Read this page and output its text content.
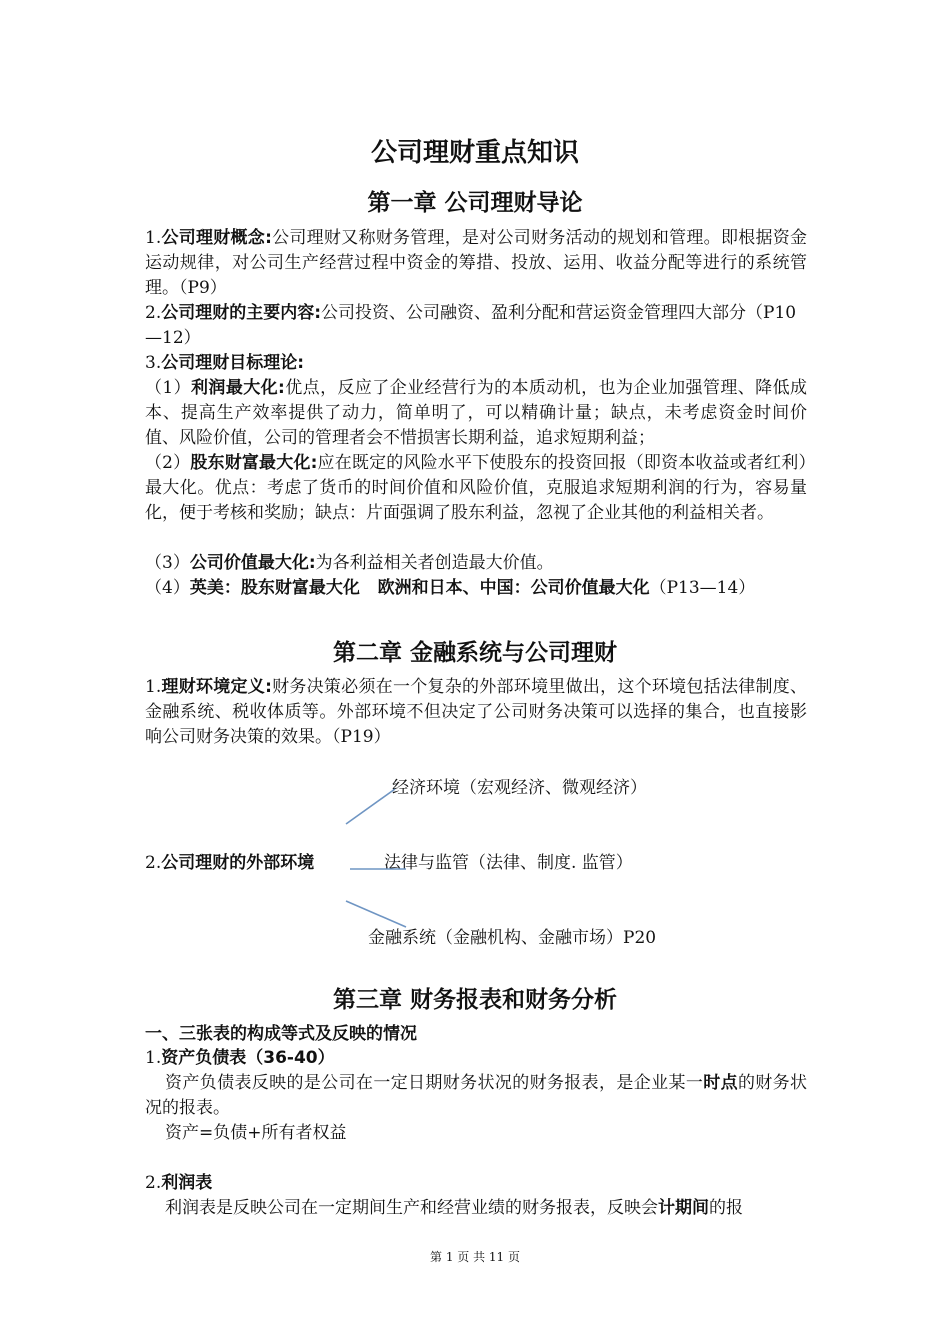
公司理财重点知识
第一章 公司理财导论
1.公司理财概念:公司理财又称财务管理，是对公司财务活动的规划和管理。即根据资金运动规律，对公司生产经营过程中资金的筹措、投放、运用、收益分配等进行的系统管理。（P9）
2.公司理财的主要内容:公司投资、公司融资、盈利分配和营运资金管理四大部分（P10—12）
3.公司理财目标理论:
（1）利润最大化:优点，反应了企业经营行为的本质动机，也为企业加强管理、降低成本、提高生产效率提供了动力，简单明了，可以精确计量；缺点，未考虑资金时间价值、风险价值，公司的管理者会不惜损害长期利益，追求短期利益；
（2）股东财富最大化:应在既定的风险水平下使股东的投资回报（即资本收益或者红利）最大化。优点：考虑了货币的时间价值和风险价值，克服追求短期利润的行为，容易量化，便于考核和奖励；缺点：片面强调了股东利益，忽视了企业其他的利益相关者。
（3）公司价值最大化:为各利益相关者创造最大价值。
（4）英美：股东财富最大化   欧洲和日本、中国：公司价值最大化（P13—14）
第二章 金融系统与公司理财
1.理财环境定义:财务决策必须在一个复杂的外部环境里做出，这个环境包括法律制度、金融系统、税收体质等。外部环境不但决定了公司财务决策可以选择的集合，也直接影响公司财务决策的效果。（P19）
经济环境（宏观经济、微观经济）
2.公司理财的外部环境	法律与监管（法律、制度. 监管）
金融系统（金融机构、金融市场）P20
第三章 财务报表和财务分析
一、三张表的构成等式及反映的情况
1.资产负债表（36-40）
资产负债表反映的是公司在一定日期财务状况的财务报表，是企业某一时点的财务状况的报表。
资产=负债+所有者权益
2.利润表
利润表是反映公司在一定期间生产和经营业绩的财务报表，反映会计期间的报
第 1 页 共 11 页
